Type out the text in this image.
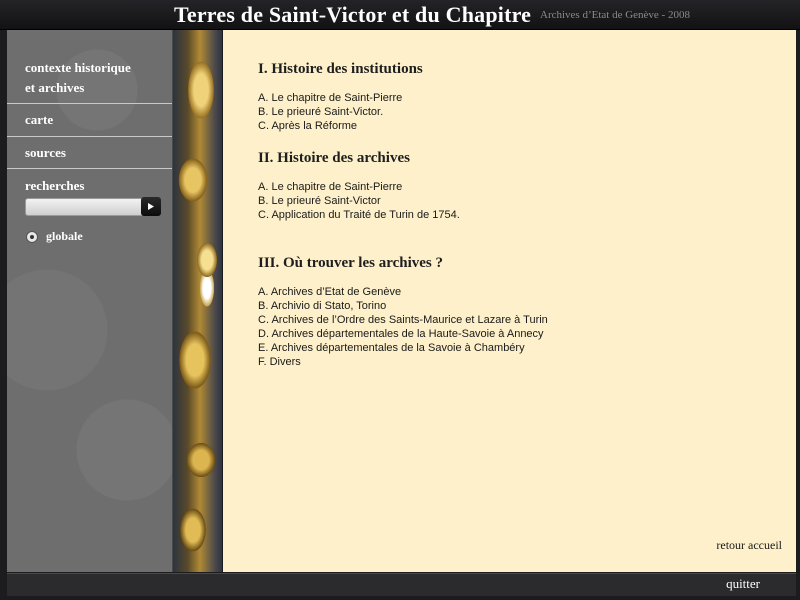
Terres de Saint-Victor et du Chapitre Archives d’Etat de Genève - 2008
contexte historique
et archives
carte
sources
recherches
globale
I. Histoire des institutions
A. Le chapitre de Saint-Pierre
B. Le prieuré Saint-Victor.
C. Après la Réforme
II. Histoire des archives
A. Le chapitre de Saint-Pierre
B. Le prieuré Saint-Victor
C. Application du Traité de Turin de 1754.
III. Où trouver les archives ?
A. Archives d’Etat de Genève
B. Archivio di Stato, Torino
C. Archives de l’Ordre des Saints-Maurice et Lazare à Turin
D. Archives départementales de la Haute-Savoie à Annecy
E. Archives départementales de la Savoie à Chambéry
F. Divers
retour accueil
quitter
